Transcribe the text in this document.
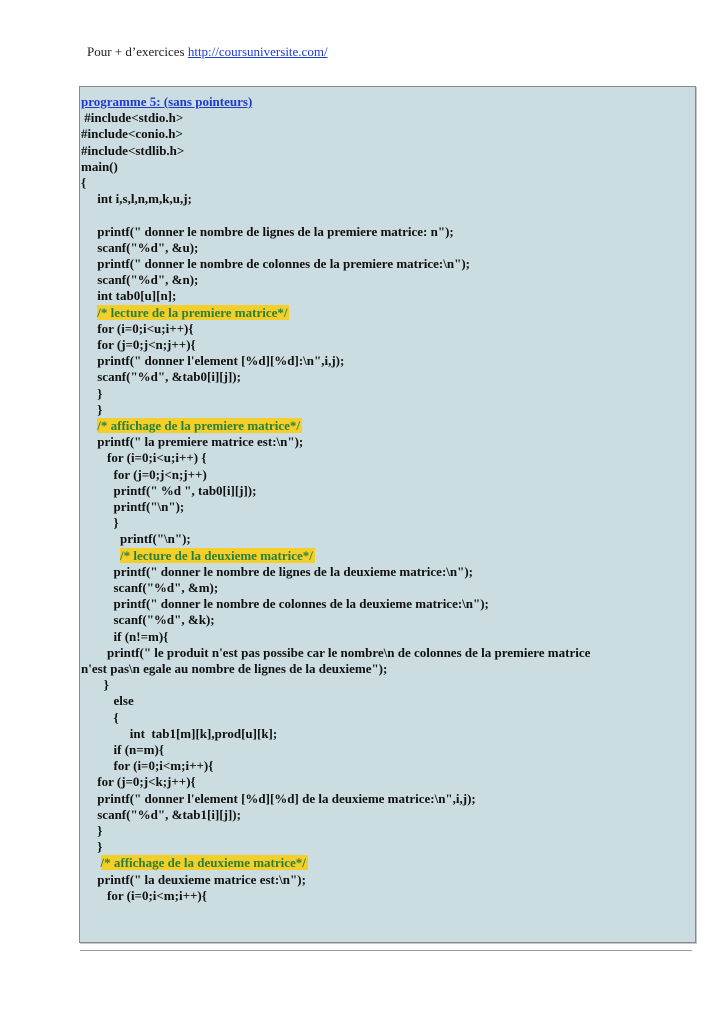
Pour + d’exercices http://coursuniversite.com/
programme 5: (sans pointeurs)
#include<stdio.h>
#include<conio.h>
#include<stdlib.h>
main()
{
int i,s,l,n,m,k,u,j;
printf(" donner le nombre de lignes de la premiere matrice: n");
scanf("%d", &u);
printf(" donner le nombre de colonnes de la premiere matrice:\n");
scanf("%d", &n);
int tab0[u][n];
/* lecture de la premiere matrice*/
for (i=0;i<u;i++){
for (j=0;j<n;j++){
printf(" donner l'element [%d][%d]:\n",i,j);
scanf("%d", &tab0[i][j]);
}
}
/* affichage de la premiere matrice*/
printf(" la premiere matrice est:\n");
for (i=0;i<u;i++) {
for (j=0;j<n;j++)
printf(" %d ", tab0[i][j]);
printf("\n");
}
printf("\n");
/* lecture de la deuxieme matrice*/
printf(" donner le nombre de lignes de la deuxieme matrice:\n");
scanf("%d", &m);
printf(" donner le nombre de colonnes de la deuxieme matrice:\n");
scanf("%d", &k);
if (n!=m){
printf(" le produit n'est pas possibe car le nombre\n de colonnes de la premiere matrice
n'est pas\n egale au nombre de lignes de la deuxieme");
}
else
{
int  tab1[m][k],prod[u][k];
if (n=m){
for (i=0;i<m;i++){
for (j=0;j<k;j++){
printf(" donner l'element [%d][%d] de la deuxieme matrice:\n",i,j);
scanf("%d", &tab1[i][j]);
}
}
/* affichage de la deuxieme matrice*/
printf(" la deuxieme matrice est:\n");
for (i=0;i<m;i++){
